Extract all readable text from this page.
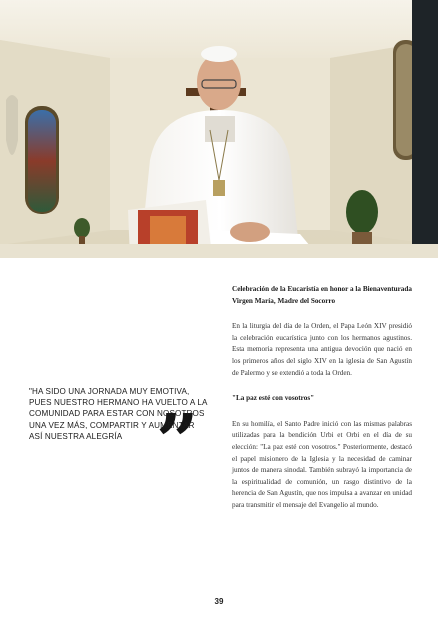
”

"HA SIDO UNA JORNADA MUY EMOTIVA, PUES NUESTRO HERMANO HA VUELTO A LA COMUNIDAD PARA ESTAR CON NOSOTROS UNA VEZ MÁS, COMPARTIR Y AUMENTAR ASÍ NUESTRA ALEGRÍA

Celebración de la Eucaristía en honor a la Bienaventurada Virgen María, Madre del Socorro

En la liturgia del día de la Orden, el Papa León XIV presidió la celebración eucarística junto con los hermanos agustinos. Esta memoria representa una antigua devoción que nació en los primeros años del siglo XIV en la iglesia de San Agustín de Palermo y se extendió a toda la Orden.

"La paz esté con vosotros"

En su homilía, el Santo Padre inició con las mismas palabras utilizadas para la bendición Urbi et Orbi en el día de su elección: "La paz esté con vosotros." Posteriormente, destacó el papel misionero de la Iglesia y la necesidad de caminar juntos de manera sinodal. También subrayó la importancia de la espiritualidad de comunión, un rasgo distintivo de la herencia de San Agustín, que nos impulsa a avanzar en unidad para transmitir el mensaje del Evangelio al mundo.

39
